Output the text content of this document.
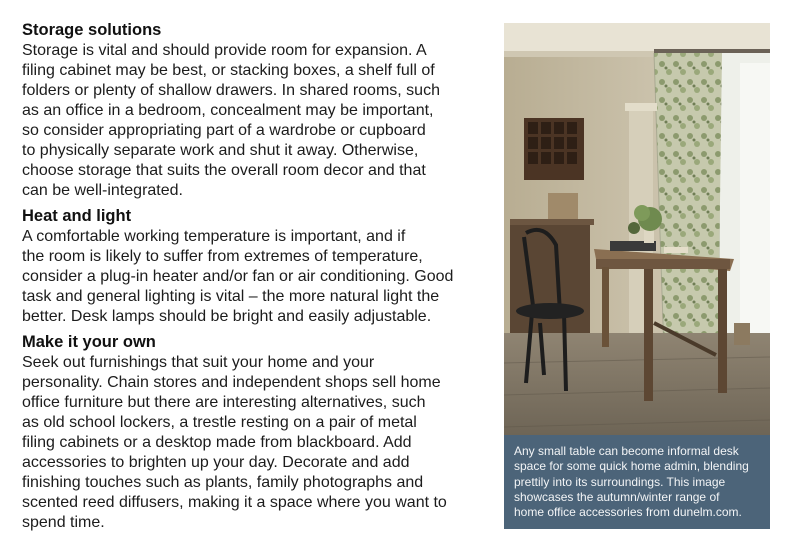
Storage solutions

Storage is vital and should provide room for expansion. A
filing cabinet may be best, or stacking boxes, a shelf full of
folders or plenty of shallow drawers. In shared rooms, such
as an office in a bedroom, concealment may be important,
so consider appropriating part of a wardrobe or cupboard
to physically separate work and shut it away. Otherwise,
choose storage that suits the overall room decor and that
can be well-integrated.

Heat and light

A comfortable working temperature is important, and if
the room is likely to suffer from extremes of temperature,
consider a plug-in heater and/or fan or air conditioning. Good
task and general lighting is vital – the more natural light the
better. Desk lamps should be bright and easily adjustable.

Make it your own

Seek out furnishings that suit your home and your
personality. Chain stores and independent shops sell home
office furniture but there are interesting alternatives, such
as old school lockers, a trestle resting on a pair of metal
filing cabinets or a desktop made from blackboard. Add
accessories to brighten up your day. Decorate and add
finishing touches such as plants, family photographs and
scented reed diffusers, making it a space where you want to
spend time.

Any small table can become informal desk
space for some quick home admin, blending
prettily into its surroundings. This image
showcases the autumn/winter range of
home office accessories from dunelm.com.
